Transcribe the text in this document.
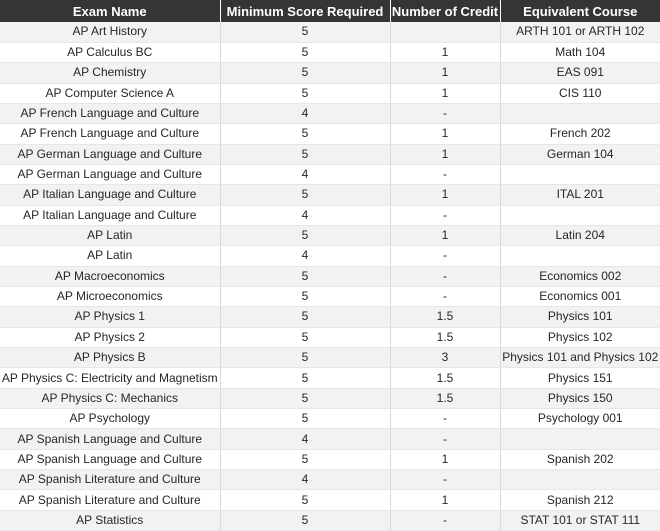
Exam Name	Minimum Score Required	Number of Credit	Equivalent Course
AP Art History	5		ARTH 101 or ARTH 102
AP Calculus BC	5	1	Math 104
AP Chemistry	5	1	EAS 091
AP Computer Science A	5	1	CIS 110
AP French Language and Culture	4	-	
AP French Language and Culture	5	1	French 202
AP German Language and Culture	5	1	German 104
AP German Language and Culture	4	-	
AP Italian Language and Culture	5	1	ITAL 201
AP Italian Language and Culture	4	-	
AP Latin	5	1	Latin 204
AP Latin	4	-	
AP Macroeconomics	5	-	Economics 002
AP Microeconomics	5	-	Economics 001
AP Physics 1	5	1.5	Physics 101
AP Physics 2	5	1.5	Physics 102
AP Physics B	5	3	Physics 101 and Physics 102
AP Physics C: Electricity and Magnetism	5	1.5	Physics 151
AP Physics C: Mechanics	5	1.5	Physics 150
AP Psychology	5	-	Psychology 001
AP Spanish Language and Culture	4	-	
AP Spanish Language and Culture	5	1	Spanish 202
AP Spanish Literature and Culture	4	-	
AP Spanish Literature and Culture	5	1	Spanish 212
AP Statistics	5	-	STAT 101 or STAT 111
